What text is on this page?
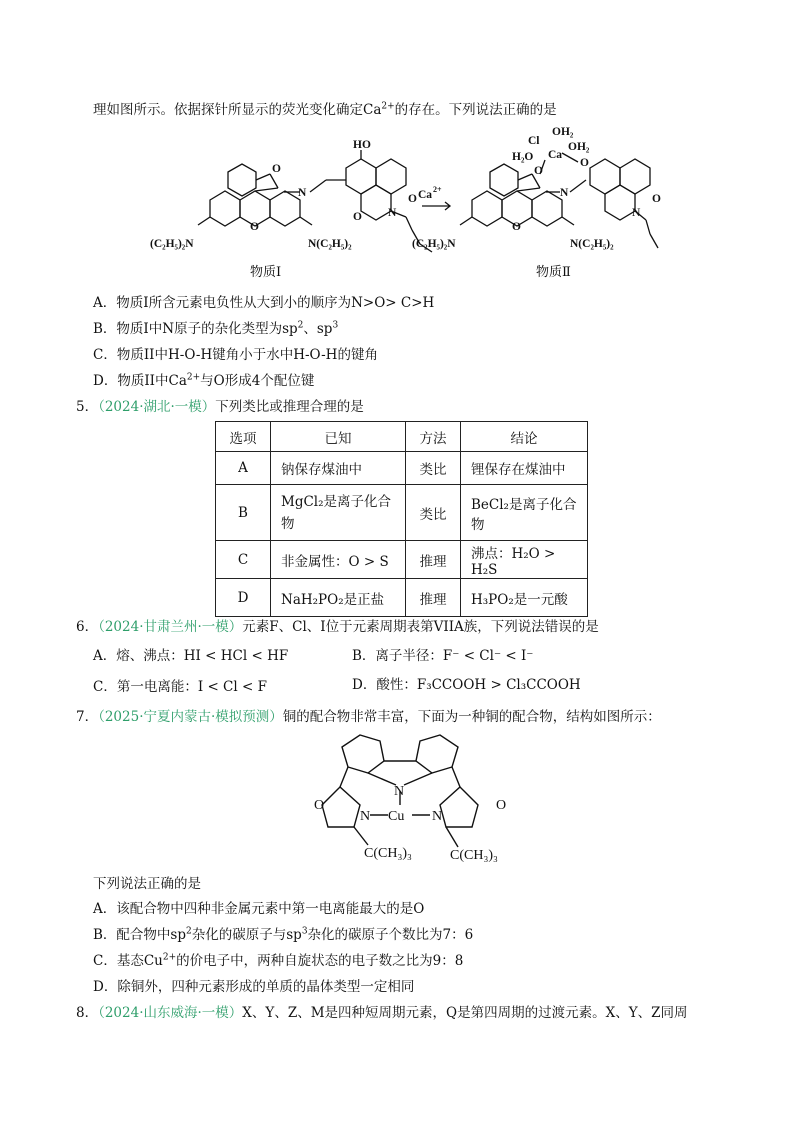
理如图所示。依据探针所显示的荧光变化确定$Ca^{2+}$的存在。下列说法正确的是
HO
O
N
O
O N
O
(C₂H₅)₂N	N(C₂H₅)₂
Cl
OH₂
OH₂
H₂O Ca
O
O
N
O
N
O
(C₂H₅)₂N	N(C₂H₅)₂
Ca 2+
物质Ⅰ	物质Ⅱ
A．物质Ⅰ所含元素电负性从大到小的顺序为N>O> C>H
B．物质Ⅰ中N原子的杂化类型为$sp^2$、$sp^3$
C．物质II中H-O-H键角小于水中H-O-H的键角
D．物质II中$Ca^{2+}$与O形成4个配位键
5．（2024·湖北·一模）下列类比或推理合理的是
选项	已知	方法	结论
A	钠保存煤油中	类比	锂保存在煤油中
B	MgCl₂是离子化合物	类比	BeCl₂是离子化合物
C	非金属性：O > S	推理	沸点：H₂O > H₂S
D	NaH₂PO₂是正盐	推理	H₃PO₂是一元酸
6．（2024·甘肃兰州·一模）元素F、Cl、I位于元素周期表第VIIA族，下列说法错误的是
A．熔、沸点：HI < HCl < HF	B．离子半径：F⁻ < Cl⁻ < I⁻
C．第一电离能：I < Cl < F	D．酸性：F₃CCOOH > Cl₃CCOOH
7．（2025·宁夏内蒙古·模拟预测）铜的配合物非常丰富，下面为一种铜的配合物，结构如图所示：
N
O	O
N	N
Cu
C(CH₃)₃	C(CH₃)₃
下列说法正确的是
A．该配合物中四种非金属元素中第一电离能最大的是O
B．配合物中$sp^2$杂化的碳原子与$sp^3$杂化的碳原子个数比为7：6
C．基态$Cu^{2+}$的价电子中，两种自旋状态的电子数之比为9：8
D．除铜外，四种元素形成的单质的晶体类型一定相同
8．（2024·山东威海·一模）X、Y、Z、M是四种短周期元素，Q是第四周期的过渡元素。X、Y、Z同周
